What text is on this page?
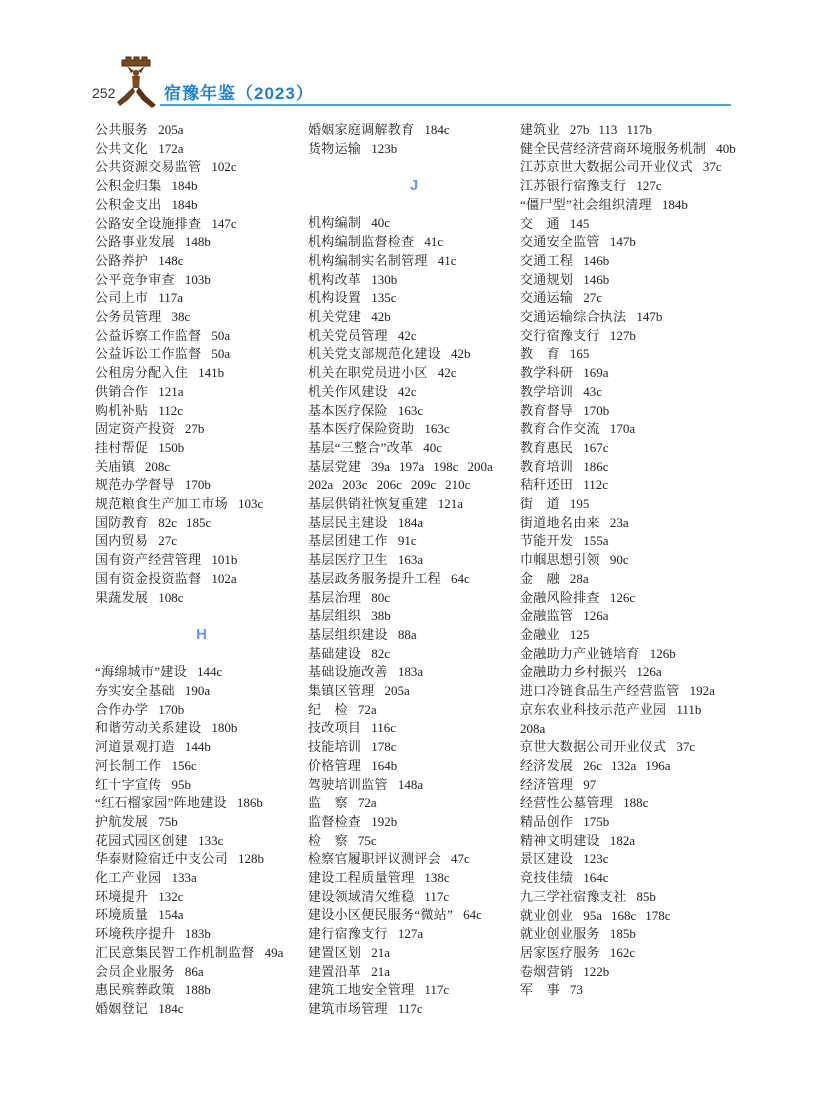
252	宿豫年鉴（2023）
公共服务 205a
公共文化 172a
公共资源交易监管 102c
公积金归集 184b
公积金支出 184b
公路安全设施排查 147c
公路事业发展 148b
公路养护 148c
公平竞争审查 103b
公司上市 117a
公务员管理 38c
公益诉察工作监督 50a
公益诉讼工作监督 50a
公租房分配入住 141b
供销合作 121a
购机补贴 112c
固定资产投资 27b
挂村帮促 150b
关庙镇 208c
规范办学督导 170b
规范粮食生产加工市场 103c
国防教育 82c 185c
国内贸易 27c
国有资产经营管理 101b
国有资金投资监督 102a
果蔬发展 108c
H
“海绵城市”建设 144c
夯实安全基础 190a
合作办学 170b
和谐劳动关系建设 180b
河道景观打造 144b
河长制工作 156c
红十字宣传 95b
“红石榴家园”阵地建设 186b
护航发展 75b
花园式园区创建 133c
华泰财险宿迁中支公司 128b
化工产业园 133a
环境提升 132c
环境质量 154a
环境秩序提升 183b
汇民意集民智工作机制监督 49a
会员企业服务 86a
惠民殡葬政策 188b
婚姻登记 184c
婚姻家庭调解教育 184c
货物运输 123b
J
机构编制 40c
机构编制监督检查 41c
机构编制实名制管理 41c
机构改革 130b
机构设置 135c
机关党建 42b
机关党员管理 42c
机关党支部规范化建设 42b
机关在职党员进小区 42c
机关作风建设 42c
基本医疗保险 163c
基本医疗保险资助 163c
基层“三整合”改革 40c
基层党建 39a 197a 198c 200a
202a 203c 206c 209c 210c
基层供销社恢复重建 121a
基层民主建设 184a
基层团建工作 91c
基层医疗卫生 163a
基层政务服务提升工程 64c
基层治理 80c
基层组织 38b
基层组织建设 88a
基础建设 82c
基础设施改善 183a
集镇区管理 205a
纪　检 72a
技改项目 116c
技能培训 178c
价格管理 164b
驾驶培训监管 148a
监　察 72a
监督检查 192b
检　察 75c
检察官履职评议测评会 47c
建设工程质量管理 138c
建设领域清欠维稳 117c
建设小区便民服务“微站” 64c
建行宿豫支行 127a
建置区划 21a
建置沿革 21a
建筑工地安全管理 117c
建筑市场管理 117c
建筑业 27b 113 117b
健全民营经济营商环境服务机制 40b
江苏京世大数据公司开业仪式 37c
江苏银行宿豫支行 127c
“僵尸型”社会组织清理 184b
交　通 145
交通安全监管 147b
交通工程 146b
交通规划 146b
交通运输 27c
交通运输综合执法 147b
交行宿豫支行 127b
教　育 165
教学科研 169a
教学培训 43c
教育督导 170b
教育合作交流 170a
教育惠民 167c
教育培训 186c
秸秆还田 112c
街　道 195
街道地名由来 23a
节能开发 155a
巾帼思想引领 90c
金　融 28a
金融风险排查 126c
金融监管 126a
金融业 125
金融助力产业链培育 126b
金融助力乡村振兴 126a
进口冷链食品生产经营监管 192a
京东农业科技示范产业园 111b
208a
京世大数据公司开业仪式 37c
经济发展 26c 132a 196a
经济管理 97
经营性公墓管理 188c
精品创作 175b
精神文明建设 182a
景区建设 123c
竞技佳绩 164c
九三学社宿豫支社 85b
就业创业 95a 168c 178c
就业创业服务 185b
居家医疗服务 162c
卷烟营销 122b
军　事 73
